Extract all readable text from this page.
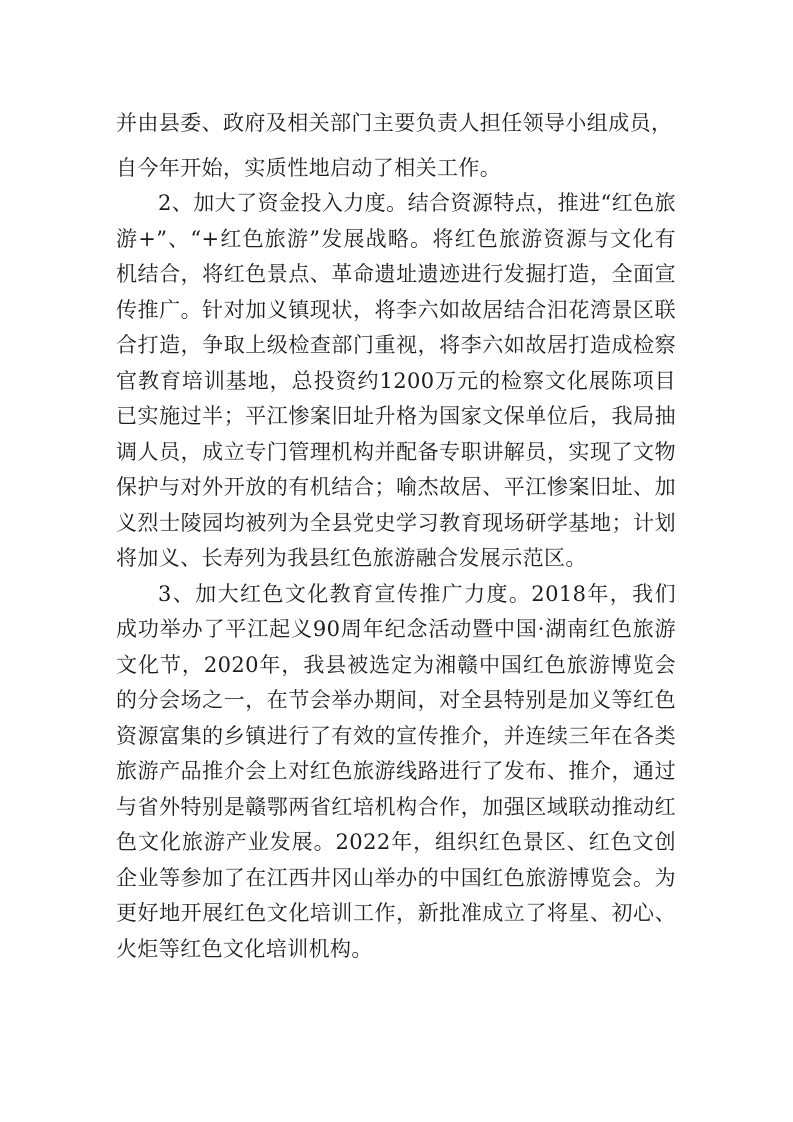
并由县委、政府及相关部门主要负责人担任领导小组成员，

自今年开始，实质性地启动了相关工作。

2、加大了资金投入力度。结合资源特点，推进“红色旅游+”、“+红色旅游”发展战略。将红色旅游资源与文化有机结合，将红色景点、革命遗址遗迹进行发掘打造，全面宣传推广。针对加义镇现状，将李六如故居结合汨花湾景区联合打造，争取上级检查部门重视，将李六如故居打造成检察官教育培训基地，总投资约1200万元的检察文化展陈项目已实施过半；平江惨案旧址升格为国家文保单位后，我局抽调人员，成立专门管理机构并配备专职讲解员，实现了文物保护与对外开放的有机结合；喻杰故居、平江惨案旧址、加义烈士陵园均被列为全县党史学习教育现场研学基地；计划将加义、长寿列为我县红色旅游融合发展示范区。

3、加大红色文化教育宣传推广力度。2018年，我们成功举办了平江起义90周年纪念活动暨中国·湖南红色旅游文化节，2020年，我县被选定为湘赣中国红色旅游博览会的分会场之一，在节会举办期间，对全县特别是加义等红色资源富集的乡镇进行了有效的宣传推介，并连续三年在各类旅游产品推介会上对红色旅游线路进行了发布、推介，通过与省外特别是赣鄂两省红培机构合作，加强区域联动推动红色文化旅游产业发展。2022年，组织红色景区、红色文创企业等参加了在江西井冈山举办的中国红色旅游博览会。为更好地开展红色文化培训工作，新批准成立了将星、初心、火炬等红色文化培训机构。
